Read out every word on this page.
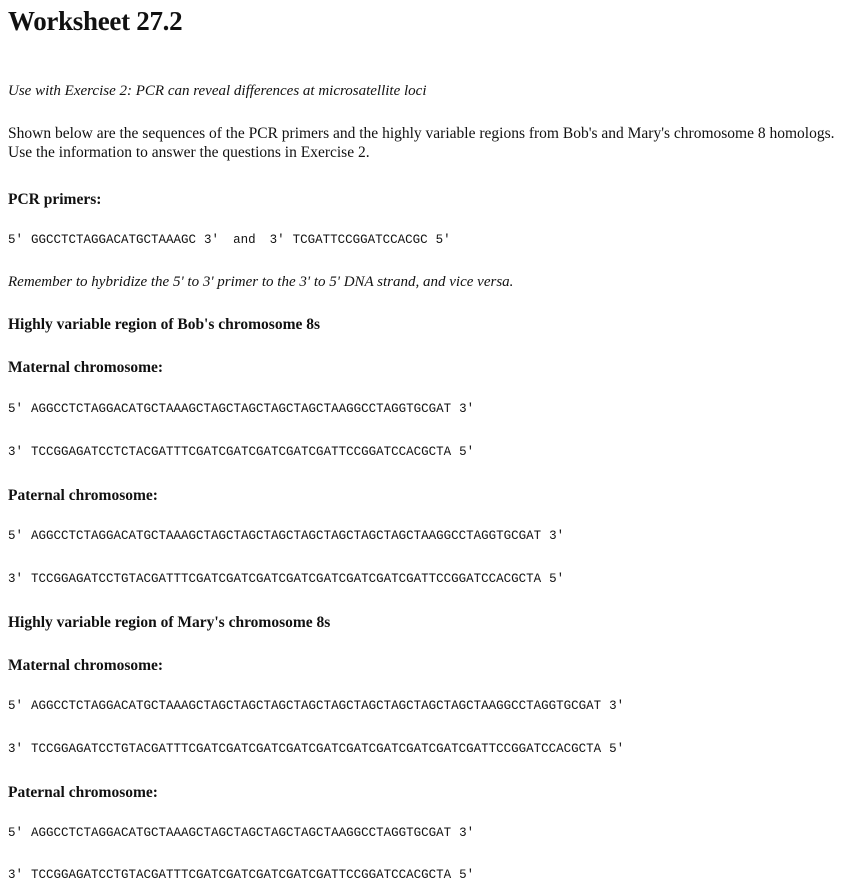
Worksheet 27.2
Use with Exercise 2: PCR can reveal differences at microsatellite loci
Shown below are the sequences of the PCR primers and the highly variable regions from Bob's and Mary's chromosome 8 homologs. Use the information to answer the questions in Exercise 2.
PCR primers:
5' GGCCTCTAGGACATGCTAAAGC 3' and 3' TCGATTCCGGATCCACGC 5'
Remember to hybridize the 5' to 3' primer to the 3' to 5' DNA strand, and vice versa.
Highly variable region of Bob's chromosome 8s
Maternal chromosome:
5' AGGCCTCTAGGACATGCTAAAGCTAGCTAGCTAGCTAGCTAAGGCCTAGGTGCGAT 3'
3' TCCGGAGATCCTCTACGATTTCGATCGATCGATCGATCGATTCCGGATCCACGCTA 5'
Paternal chromosome:
5' AGGCCTCTAGGACATGCTAAAGCTAGCTAGCTAGCTAGCTAGCTAGCTAGCTAAGGCCTAGGTGCGAT 3'
3' TCCGGAGATCCTGTACGATTTCGATCGATCGATCGATCGATCGATCGATCGATTCCGGATCCACGCTA 5'
Highly variable region of Mary's chromosome 8s
Maternal chromosome:
5' AGGCCTCTAGGACATGCTAAAGCTAGCTAGCTAGCTAGCTAGCTAGCTAGCTAGCTAGCTAAGGCCTAGGTGCGAT 3'
3' TCCGGAGATCCTGTACGATTTCGATCGATCGATCGATCGATCGATCGATCGATCGATCGATTCCGGATCCACGCTA 5'
Paternal chromosome:
5' AGGCCTCTAGGACATGCTAAAGCTAGCTAGCTAGCTAGCTAAGGCCTAGGTGCGAT 3'
3' TCCGGAGATCCTGTACGATTTCGATCGATCGATCGATCGATTCCGGATCCACGCTA 5'
